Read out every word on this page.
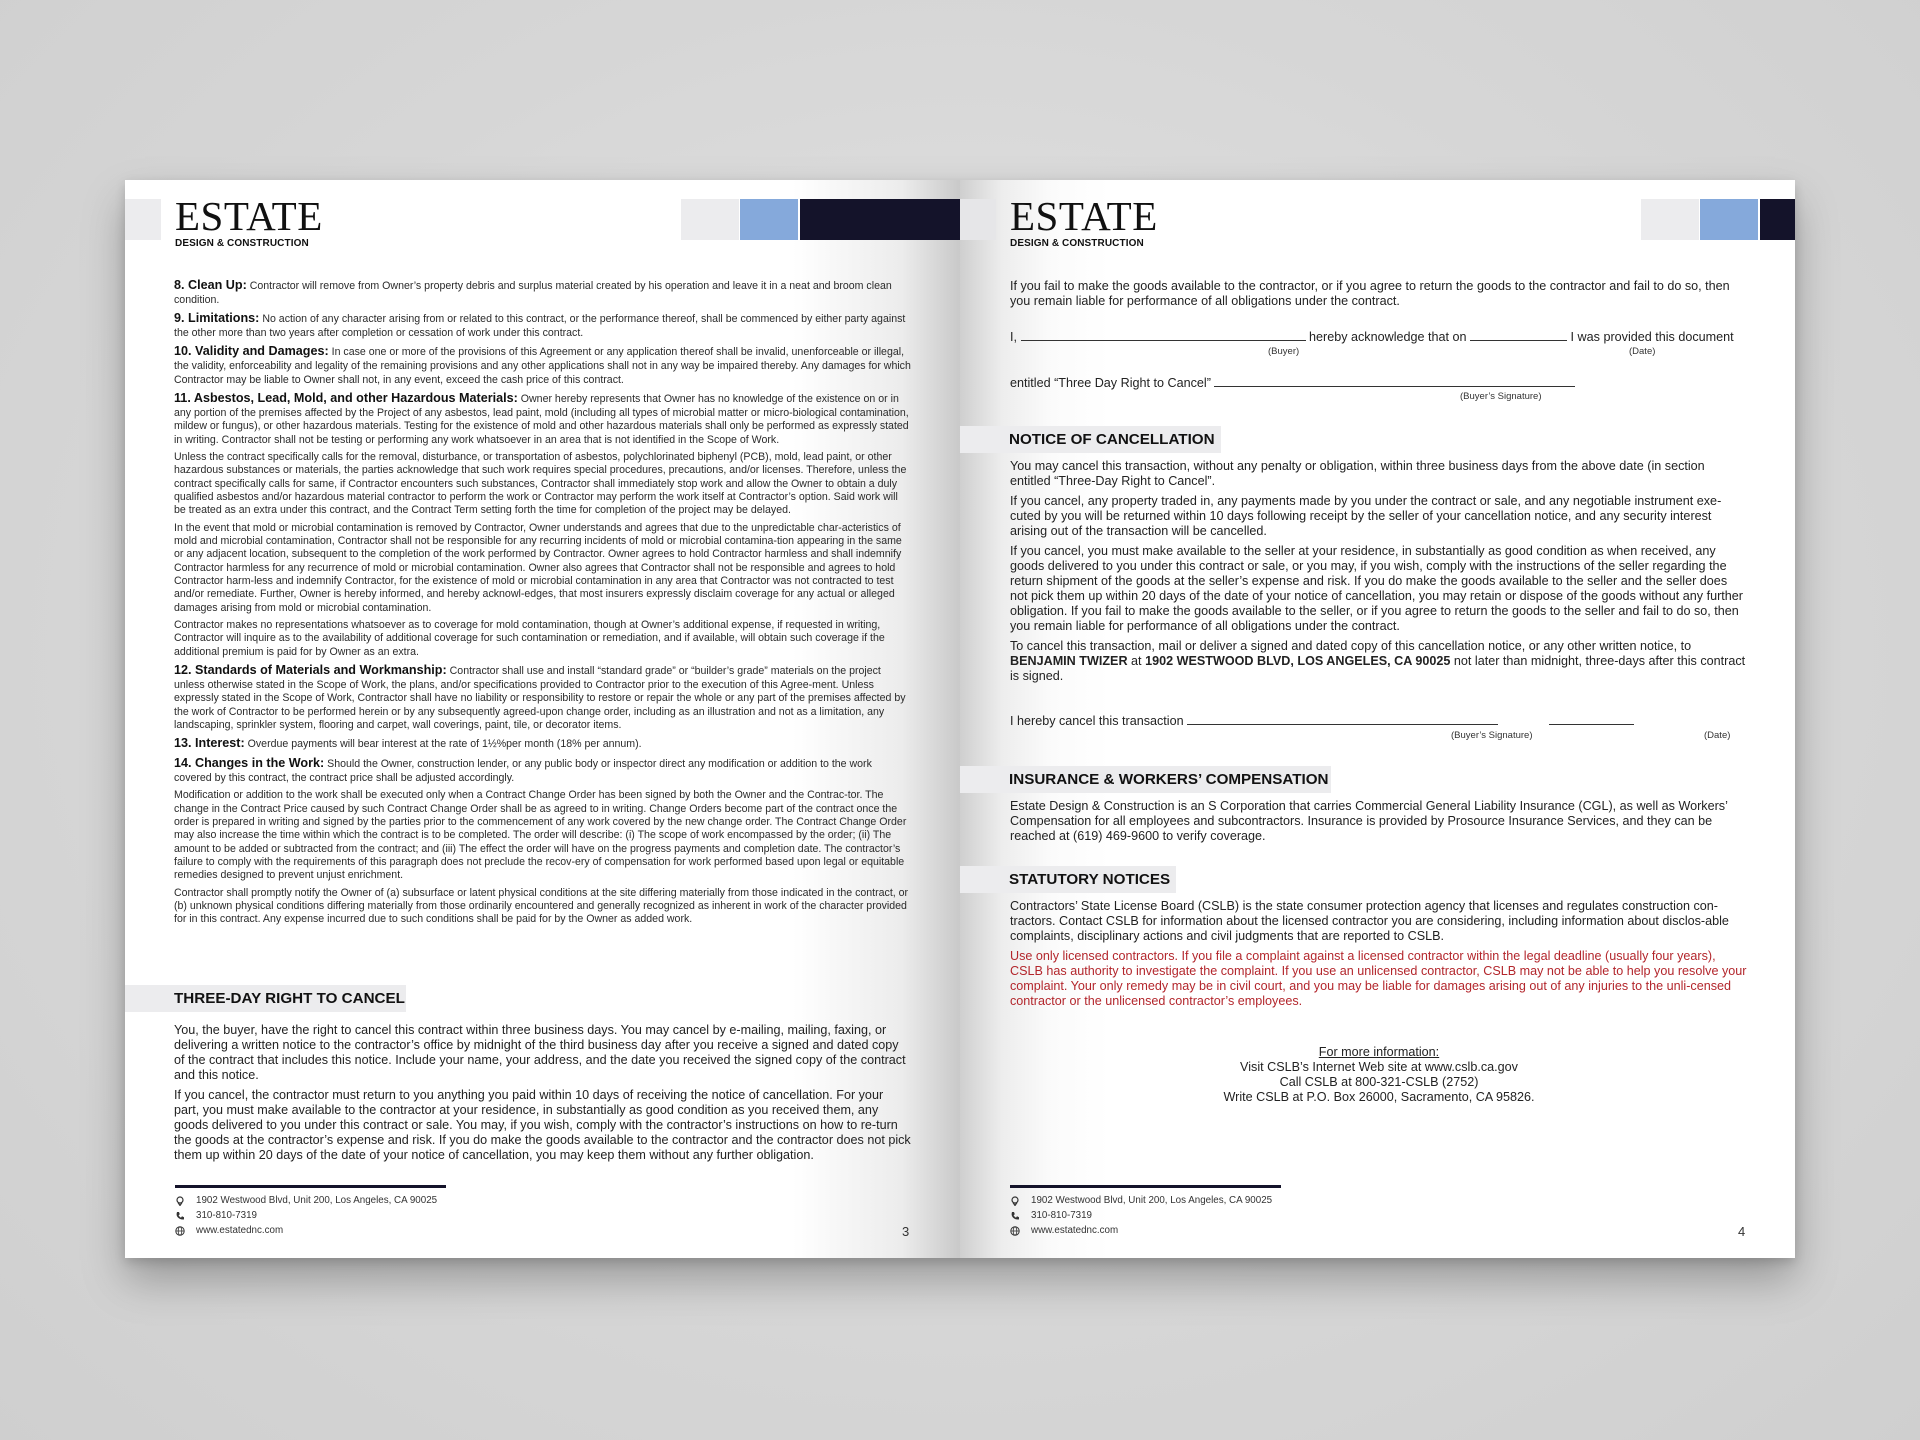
ESTATE
DESIGN & CONSTRUCTION

8. Clean Up: Contractor will remove from Owner’s property debris and surplus material created by his operation and leave it in a neat and broom clean condition.

9. Limitations: No action of any character arising from or related to this contract, or the performance thereof, shall be commenced by either party against the other more than two years after completion or cessation of work under this contract.

10. Validity and Damages: In case one or more of the provisions of this Agreement or any application thereof shall be invalid, unenforceable or illegal, the validity, enforceability and legality of the remaining provisions and any other applications shall not in any way be impaired thereby. Any damages for which Contractor may be liable to Owner shall not, in any event, exceed the cash price of this contract.

11. Asbestos, Lead, Mold, and other Hazardous Materials: Owner hereby represents that Owner has no knowledge of the existence on or in any portion of the premises affected by the Project of any asbestos, lead paint, mold (including all types of microbial matter or micro-biological contamination, mildew or fungus), or other hazardous materials. Testing for the existence of mold and other hazardous materials shall only be performed as expressly stated in writing. Contractor shall not be testing or performing any work whatsoever in an area that is not identified in the Scope of Work.

Unless the contract specifically calls for the removal, disturbance, or transportation of asbestos, polychlorinated biphenyl (PCB), mold, lead paint, or other hazardous substances or materials, the parties acknowledge that such work requires special procedures, precautions, and/or licenses. Therefore, unless the contract specifically calls for same, if Contractor encounters such substances, Contractor shall immediately stop work and allow the Owner to obtain a duly qualified asbestos and/or hazardous material contractor to perform the work or Contractor may perform the work itself at Contractor’s option. Said work will be treated as an extra under this contract, and the Contract Term setting forth the time for completion of the project may be delayed.

In the event that mold or microbial contamination is removed by Contractor, Owner understands and agrees that due to the unpredictable char-acteristics of mold and microbial contamination, Contractor shall not be responsible for any recurring incidents of mold or microbial contamina-tion appearing in the same or any adjacent location, subsequent to the completion of the work performed by Contractor. Owner agrees to hold Contractor harmless and shall indemnify Contractor harmless for any recurrence of mold or microbial contamination. Owner also agrees that Contractor shall not be responsible and agrees to hold Contractor harm-less and indemnify Contractor, for the existence of mold or microbial contamination in any area that Contractor was not contracted to test and/or remediate. Further, Owner is hereby informed, and hereby acknowl-edges, that most insurers expressly disclaim coverage for any actual or alleged damages arising from mold or microbial contamination.

Contractor makes no representations whatsoever as to coverage for mold contamination, though at Owner’s additional expense, if requested in writing, Contractor will inquire as to the availability of additional coverage for such contamination or remediation, and if available, will obtain such coverage if the additional premium is paid for by Owner as an extra.

12. Standards of Materials and Workmanship: Contractor shall use and install “standard grade” or “builder’s grade” materials on the project unless otherwise stated in the Scope of Work, the plans, and/or specifications provided to Contractor prior to the execution of this Agree-ment. Unless expressly stated in the Scope of Work, Contractor shall have no liability or responsibility to restore or repair the whole or any part of the premises affected by the work of Contractor to be performed herein or by any subsequently agreed-upon change order, including as an illustration and not as a limitation, any landscaping, sprinkler system, flooring and carpet, wall coverings, paint, tile, or decorator items.

13. Interest: Overdue payments will bear interest at the rate of 1½%per month (18% per annum).

14. Changes in the Work: Should the Owner, construction lender, or any public body or inspector direct any modification or addition to the work covered by this contract, the contract price shall be adjusted accordingly.

Modification or addition to the work shall be executed only when a Contract Change Order has been signed by both the Owner and the Contrac-tor. The change in the Contract Price caused by such Contract Change Order shall be as agreed to in writing. Change Orders become part of the contract once the order is prepared in writing and signed by the parties prior to the commencement of any work covered by the new change order. The Contract Change Order may also increase the time within which the contract is to be completed. The order will describe: (i) The scope of work encompassed by the order; (ii) The amount to be added or subtracted from the contract; and (iii) The effect the order will have on the progress payments and completion date. The contractor’s failure to comply with the requirements of this paragraph does not preclude the recov-ery of compensation for work performed based upon legal or equitable remedies designed to prevent unjust enrichment.

Contractor shall promptly notify the Owner of (a) subsurface or latent physical conditions at the site differing materially from those indicated in the contract, or (b) unknown physical conditions differing materially from those ordinarily encountered and generally recognized as inherent in work of the character provided for in this contract. Any expense incurred due to such conditions shall be paid for by the Owner as added work.

THREE-DAY RIGHT TO CANCEL

You, the buyer, have the right to cancel this contract within three business days. You may cancel by e-mailing, mailing, faxing, or delivering a written notice to the contractor’s office by midnight of the third business day after you receive a signed and dated copy of the contract that includes this notice. Include your name, your address, and the date you received the signed copy of the contract and this notice.

If you cancel, the contractor must return to you anything you paid within 10 days of receiving the notice of cancellation. For your part, you must make available to the contractor at your residence, in substantially as good condition as you received them, any goods delivered to you under this contract or sale. You may, if you wish, comply with the contractor’s instructions on how to re-turn the goods at the contractor’s expense and risk. If you do make the goods available to the contractor and the contractor does not pick them up within 20 days of the date of your notice of cancellation, you may keep them without any further obligation.

1902 Westwood Blvd, Unit 200, Los Angeles, CA 90025
310-810-7319
www.estatednc.com	3
ESTATE
DESIGN & CONSTRUCTION

If you fail to make the goods available to the contractor, or if you agree to return the goods to the contractor and fail to do so, then you remain liable for performance of all obligations under the contract.

I,	hereby acknowledge that on	I was provided this document
(Buyer)	(Date)
entitled “Three Day Right to Cancel”
(Buyer’s Signature)
NOTICE OF CANCELLATION

You may cancel this transaction, without any penalty or obligation, within three business days from the above date (in section entitled “Three-Day Right to Cancel”.

If you cancel, any property traded in, any payments made by you under the contract or sale, and any negotiable instrument exe-cuted by you will be returned within 10 days following receipt by the seller of your cancellation notice, and any security interest arising out of the transaction will be cancelled.

If you cancel, you must make available to the seller at your residence, in substantially as good condition as when received, any goods delivered to you under this contract or sale, or you may, if you wish, comply with the instructions of the seller regarding the return shipment of the goods at the seller’s expense and risk. If you do make the goods available to the seller and the seller does not pick them up within 20 days of the date of your notice of cancellation, you may retain or dispose of the goods without any further obligation. If you fail to make the goods available to the seller, or if you agree to return the goods to the seller and fail to do so, then you remain liable for performance of all obligations under the contract.

To cancel this transaction, mail or deliver a signed and dated copy of this cancellation notice, or any other written notice, to BENJAMIN TWIZER at 1902 WESTWOOD BLVD, LOS ANGELES, CA 90025 not later than midnight, three-days after this contract is signed.

I hereby cancel this transaction
(Buyer’s Signature)	(Date)
INSURANCE & WORKERS’ COMPENSATION

Estate Design & Construction is an S Corporation that carries Commercial General Liability Insurance (CGL), as well as Workers’ Compensation for all employees and subcontractors. Insurance is provided by Prosource Insurance Services, and they can be reached at (619) 469-9600 to verify coverage.

STATUTORY NOTICES

Contractors’ State License Board (CSLB) is the state consumer protection agency that licenses and regulates construction con-tractors. Contact CSLB for information about the licensed contractor you are considering, including information about disclos-able complaints, disciplinary actions and civil judgments that are reported to CSLB.

Use only licensed contractors. If you file a complaint against a licensed contractor within the legal deadline (usually four years), CSLB has authority to investigate the complaint. If you use an unlicensed contractor, CSLB may not be able to help you resolve your complaint. Your only remedy may be in civil court, and you may be liable for damages arising out of any injuries to the unli-censed contractor or the unlicensed contractor’s employees.

For more information:
Visit CSLB’s Internet Web site at www.cslb.ca.gov
Call CSLB at 800-321-CSLB (2752)
Write CSLB at P.O. Box 26000, Sacramento, CA 95826.
1902 Westwood Blvd, Unit 200, Los Angeles, CA 90025
310-810-7319
www.estatednc.com	4
